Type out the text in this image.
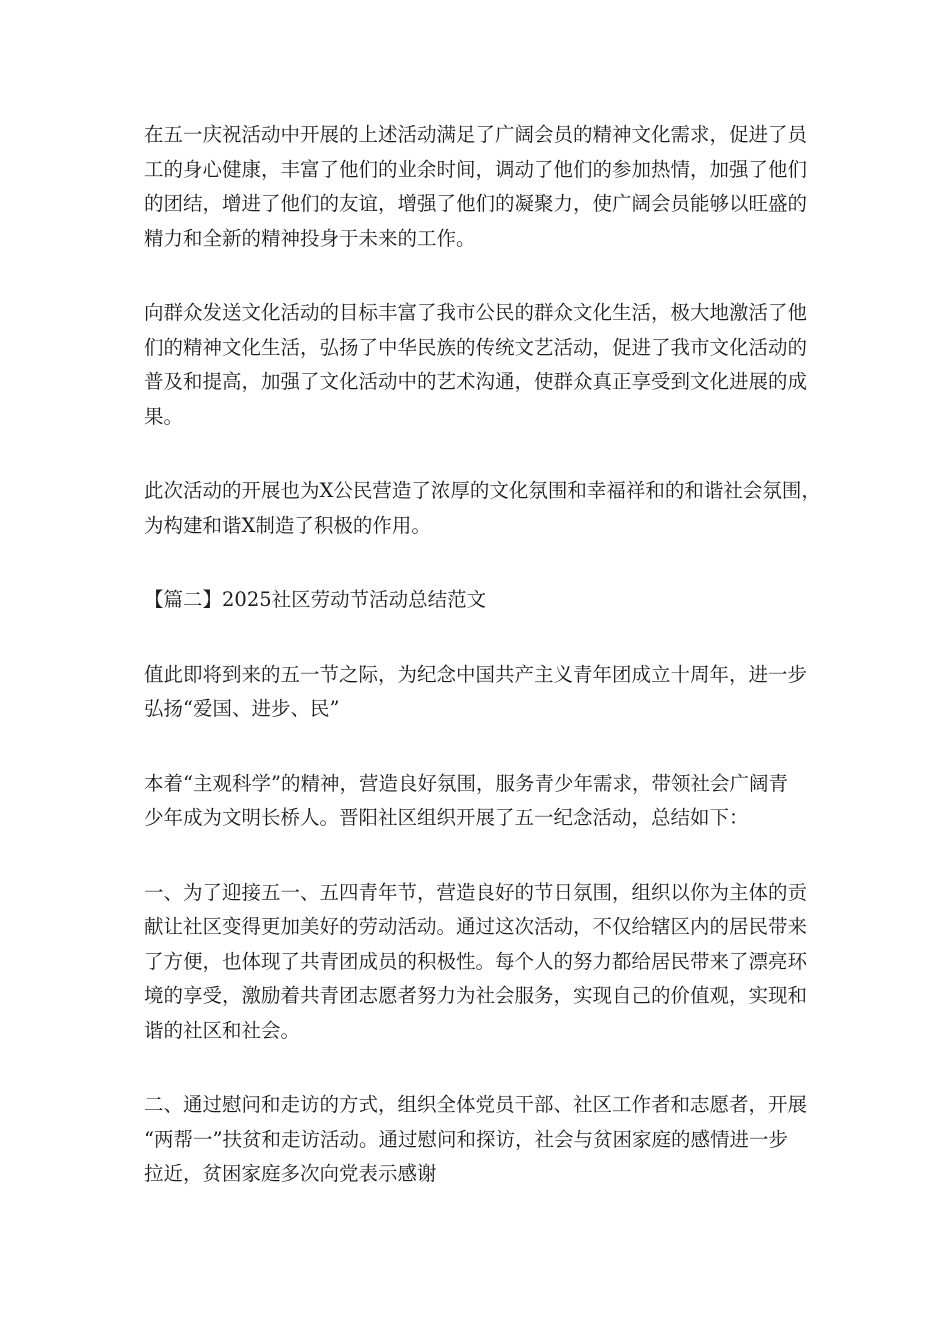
在五一庆祝活动中开展的上述活动满足了广阔会员的精神文化需求，促进了员
工的身心健康，丰富了他们的业余时间，调动了他们的参加热情，加强了他们
的团结，增进了他们的友谊，增强了他们的凝聚力，使广阔会员能够以旺盛的
精力和全新的精神投身于未来的工作。

向群众发送文化活动的目标丰富了我市公民的群众文化生活，极大地激活了他
们的精神文化生活，弘扬了中华民族的传统文艺活动，促进了我市文化活动的
普及和提高，加强了文化活动中的艺术沟通，使群众真正享受到文化进展的成
果。

此次活动的开展也为X公民营造了浓厚的文化氛围和幸福祥和的和谐社会氛围，
为构建和谐X制造了积极的作用。

【篇二】2025社区劳动节活动总结范文

值此即将到来的五一节之际，为纪念中国共产主义青年团成立十周年，进一步
弘扬“爱国、进步、民”

本着“主观科学”的精神，营造良好氛围，服务青少年需求，带领社会广阔青
少年成为文明长桥人。晋阳社区组织开展了五一纪念活动，总结如下：

一、为了迎接五一、五四青年节，营造良好的节日氛围，组织以你为主体的贡
献让社区变得更加美好的劳动活动。通过这次活动，不仅给辖区内的居民带来
了方便，也体现了共青团成员的积极性。每个人的努力都给居民带来了漂亮环
境的享受，激励着共青团志愿者努力为社会服务，实现自己的价值观，实现和
谐的社区和社会。

二、通过慰问和走访的方式，组织全体党员干部、社区工作者和志愿者，开展
“两帮一”扶贫和走访活动。通过慰问和探访，社会与贫困家庭的感情进一步
拉近，贫困家庭多次向党表示感谢
